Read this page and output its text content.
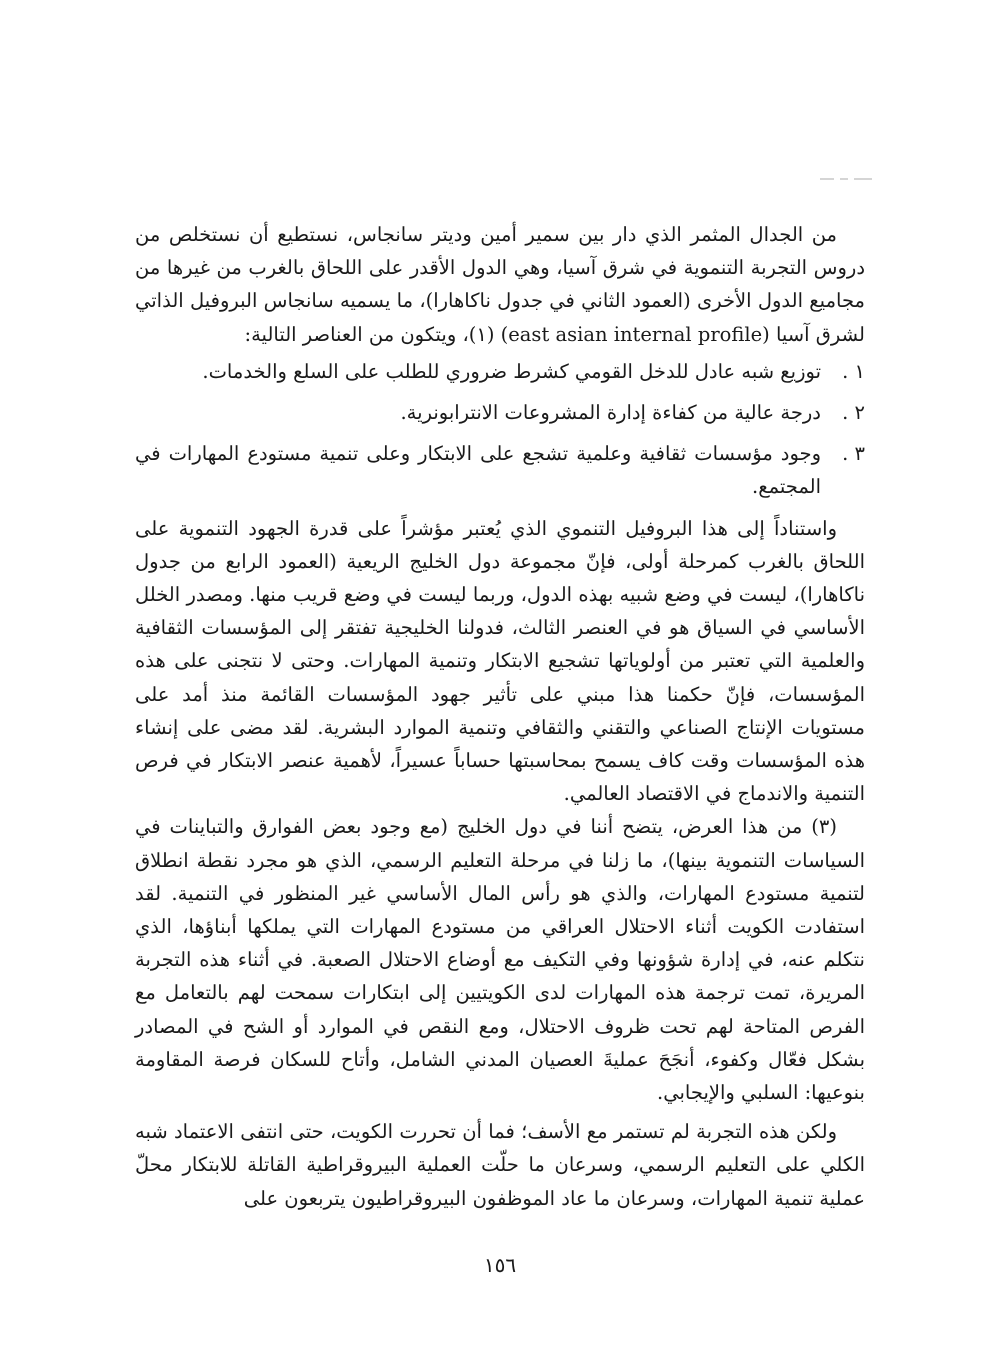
من الجدال المثمر الذي دار بين سمير أمين وديتر سانجاس، نستطيع أن نستخلص من دروس التجربة التنموية في شرق آسيا، وهي الدول الأقدر على اللحاق بالغرب من غيرها من مجاميع الدول الأخرى (العمود الثاني في جدول ناكاهارا)، ما يسميه سانجاس البروفيل الذاتي لشرق آسيا (east asian internal profile) (١)، ويتكون من العناصر التالية:

١ .
توزيع شبه عادل للدخل القومي كشرط ضروري للطلب على السلع والخدمات.
٢ .
درجة عالية من كفاءة إدارة المشروعات الانترابونرية.
٣ .
وجود مؤسسات ثقافية وعلمية تشجع على الابتكار وعلى تنمية مستودع المهارات في المجتمع.

واستناداً إلى هذا البروفيل التنموي الذي يُعتبر مؤشراً على قدرة الجهود التنموية على اللحاق بالغرب كمرحلة أولى، فإنّ مجموعة دول الخليج الريعية (العمود الرابع من جدول ناكاهارا)، ليست في وضع شبيه بهذه الدول، وربما ليست في وضع قريب منها. ومصدر الخلل الأساسي في السياق هو في العنصر الثالث، فدولنا الخليجية تفتقر إلى المؤسسات الثقافية والعلمية التي تعتبر من أولوياتها تشجيع الابتكار وتنمية المهارات. وحتى لا نتجنى على هذه المؤسسات، فإنّ حكمنا هذا مبني على تأثير جهود المؤسسات القائمة منذ أمد على مستويات الإنتاج الصناعي والتقني والثقافي وتنمية الموارد البشرية. لقد مضى على إنشاء هذه المؤسسات وقت كاف يسمح بمحاسبتها حساباً عسيراً، لأهمية عنصر الابتكار في فرص التنمية والاندماج في الاقتصاد العالمي.

(٣) من هذا العرض، يتضح أننا في دول الخليج (مع وجود بعض الفوارق والتباينات في السياسات التنموية بينها)، ما زلنا في مرحلة التعليم الرسمي، الذي هو مجرد نقطة انطلاق لتنمية مستودع المهارات، والذي هو رأس المال الأساسي غير المنظور في التنمية. لقد استفادت الكويت أثناء الاحتلال العراقي من مستودع المهارات التي يملكها أبناؤها، الذي نتكلم عنه، في إدارة شؤونها وفي التكيف مع أوضاع الاحتلال الصعبة. في أثناء هذه التجربة المريرة، تمت ترجمة هذه المهارات لدى الكويتيين إلى ابتكارات سمحت لهم بالتعامل مع الفرص المتاحة لهم تحت ظروف الاحتلال، ومع النقص في الموارد أو الشح في المصادر بشكل فعّال وكفوء، أنجَحَ عمليةَ العصيان المدني الشامل، وأتاح للسكان فرصة المقاومة بنوعيها: السلبي والإيجابي.

ولكن هذه التجربة لم تستمر مع الأسف؛ فما أن تحررت الكويت، حتى انتفى الاعتماد شبه الكلي على التعليم الرسمي، وسرعان ما حلّت العملية البيروقراطية القاتلة للابتكار محلّ عملية تنمية المهارات، وسرعان ما عاد الموظفون البيروقراطيون يتربعون على

١٥٦
